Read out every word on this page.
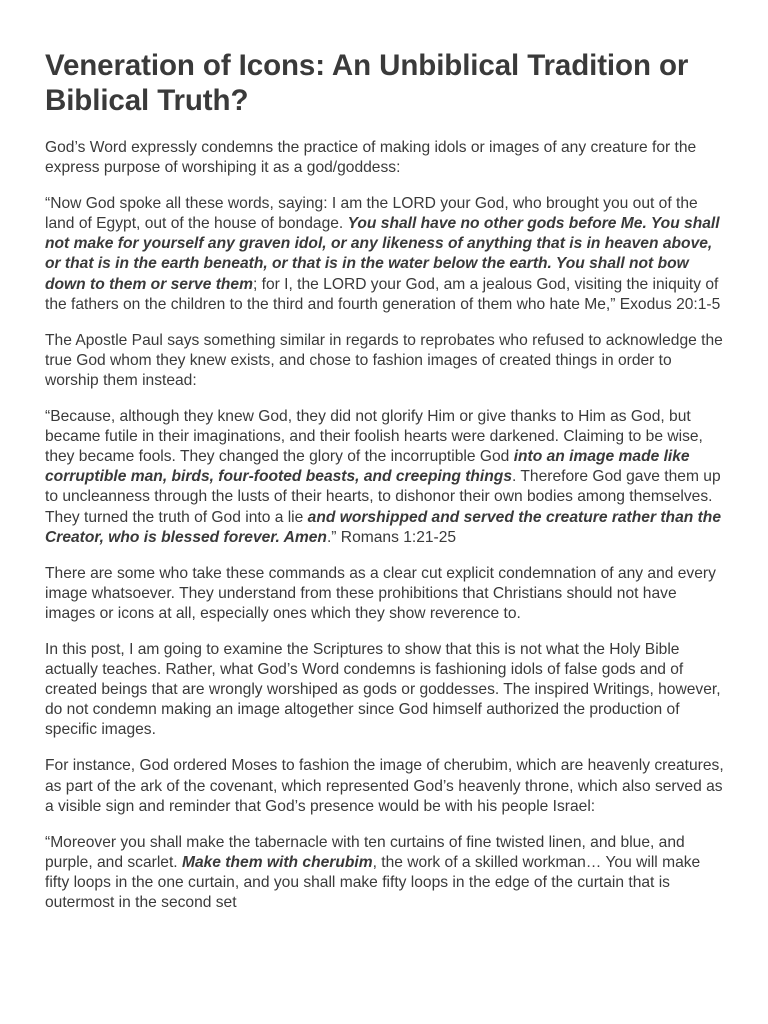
Veneration of Icons: An Unbiblical Tradition or Biblical Truth?

God’s Word expressly condemns the practice of making idols or images of any creature for the express purpose of worshiping it as a god/goddess:

“Now God spoke all these words, saying: I am the LORD your God, who brought you out of the land of Egypt, out of the house of bondage. You shall have no other gods before Me. You shall not make for yourself any graven idol, or any likeness of anything that is in heaven above, or that is in the earth beneath, or that is in the water below the earth. You shall not bow down to them or serve them; for I, the LORD your God, am a jealous God, visiting the iniquity of the fathers on the children to the third and fourth generation of them who hate Me,” Exodus 20:1-5

The Apostle Paul says something similar in regards to reprobates who refused to acknowledge the true God whom they knew exists, and chose to fashion images of created things in order to worship them instead:

“Because, although they knew God, they did not glorify Him or give thanks to Him as God, but became futile in their imaginations, and their foolish hearts were darkened. Claiming to be wise, they became fools. They changed the glory of the incorruptible God into an image made like corruptible man, birds, four-footed beasts, and creeping things. Therefore God gave them up to uncleanness through the lusts of their hearts, to dishonor their own bodies among themselves. They turned the truth of God into a lie and worshipped and served the creature rather than the Creator, who is blessed forever. Amen.” Romans 1:21-25

There are some who take these commands as a clear cut explicit condemnation of any and every image whatsoever. They understand from these prohibitions that Christians should not have images or icons at all, especially ones which they show reverence to.

In this post, I am going to examine the Scriptures to show that this is not what the Holy Bible actually teaches. Rather, what God’s Word condemns is fashioning idols of false gods and of created beings that are wrongly worshiped as gods or goddesses. The inspired Writings, however, do not condemn making an image altogether since God himself authorized the production of specific images.

For instance, God ordered Moses to fashion the image of cherubim, which are heavenly creatures, as part of the ark of the covenant, which represented God’s heavenly throne, which also served as a visible sign and reminder that God’s presence would be with his people Israel:

“Moreover you shall make the tabernacle with ten curtains of fine twisted linen, and blue, and purple, and scarlet. Make them with cherubim, the work of a skilled workman… You will make fifty loops in the one curtain, and you shall make fifty loops in the edge of the curtain that is outermost in the second set
